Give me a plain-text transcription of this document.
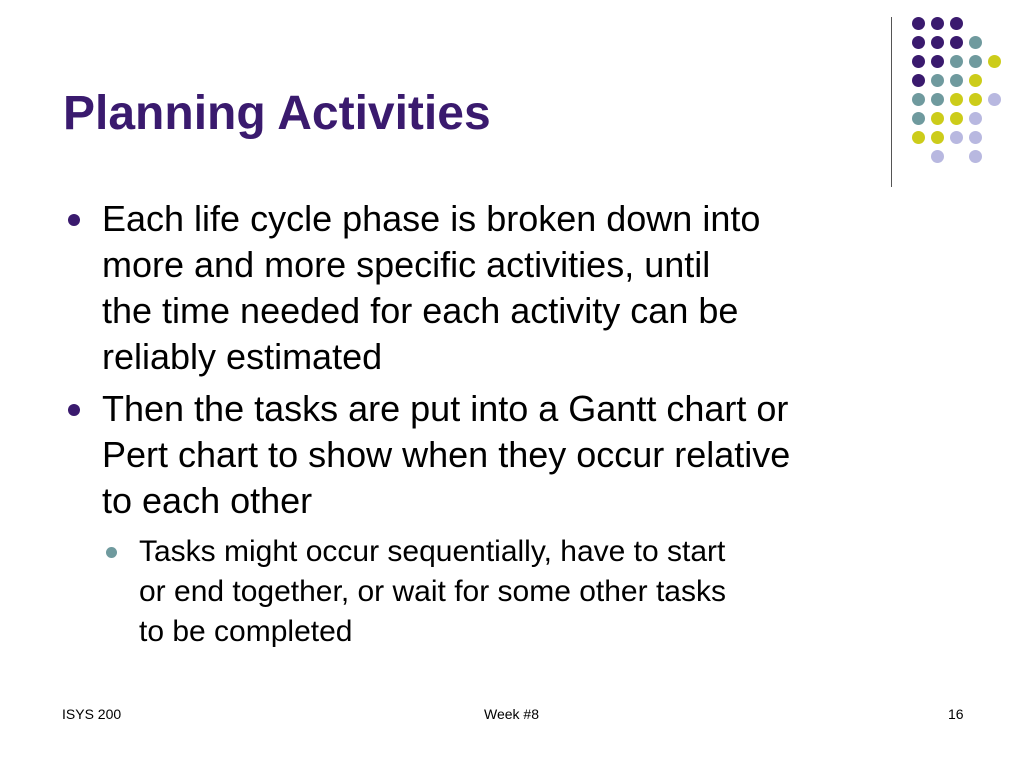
Planning Activities
Each life cycle phase is broken down into
more and more specific activities, until
the time needed for each activity can be
reliably estimated
Then the tasks are put into a Gantt chart or
Pert chart to show when they occur relative
to each other
Tasks might occur sequentially, have to start
or end together, or wait for some other tasks
to be completed
ISYS 200	Week #8	16
